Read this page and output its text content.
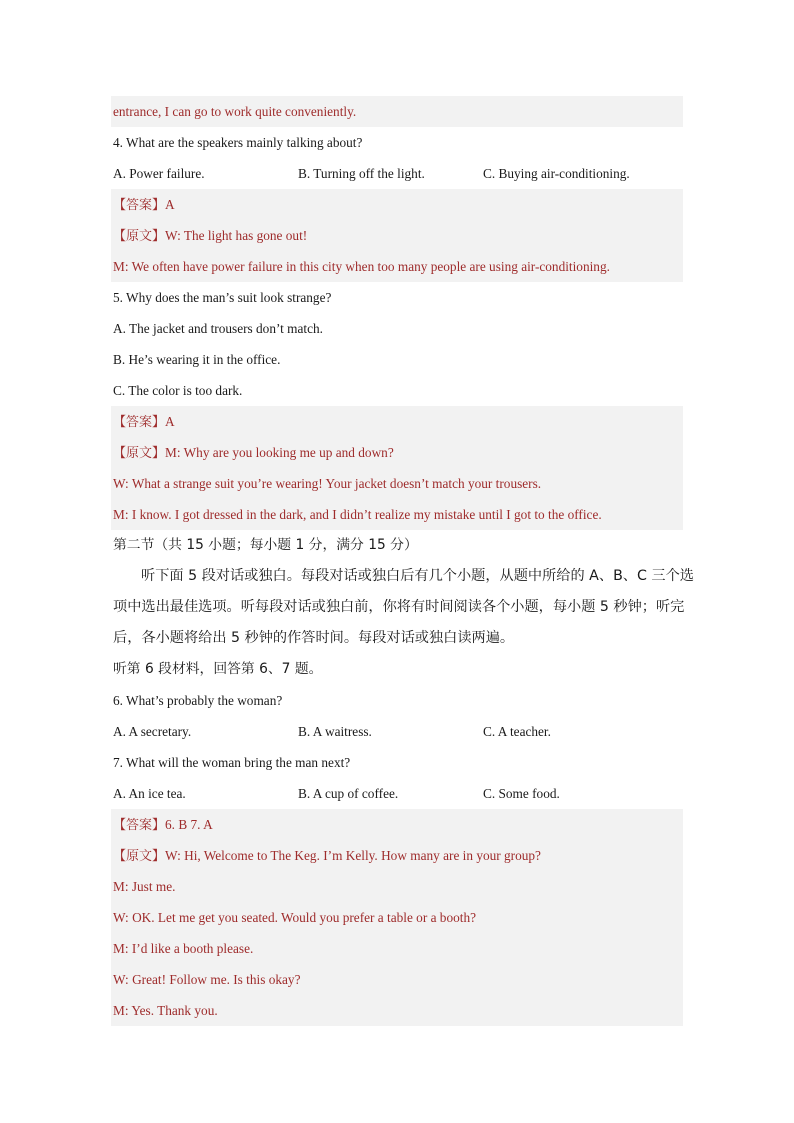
entrance, I can go to work quite conveniently.
4. What are the speakers mainly talking about?
A. Power failure.	B. Turning off the light.	C. Buying air-conditioning.
【答案】A
【原文】W: The light has gone out!
M: We often have power failure in this city when too many people are using air-conditioning.
5. Why does the man’s suit look strange?
A. The jacket and trousers don’t match.
B. He’s wearing it in the office.
C. The color is too dark.
【答案】A
【原文】M: Why are you looking me up and down?
W: What a strange suit you’re wearing! Your jacket doesn’t match your trousers.
M: I know. I got dressed in the dark, and I didn’t realize my mistake until I got to the office.
第二节（共 15 小题；每小题 1 分，满分 15 分）
听下面 5 段对话或独白。每段对话或独白后有几个小题，从题中所给的 A、B、C 三个选
项中选出最佳选项。听每段对话或独白前，你将有时间阅读各个小题，每小题 5 秒钟；听完
后，各小题将给出 5 秒钟的作答时间。每段对话或独白读两遍。
听第 6 段材料，回答第 6、7 题。
6. What’s probably the woman?
A. A secretary.	B. A waitress.	C. A teacher.
7. What will the woman bring the man next?
A. An ice tea.	B. A cup of coffee.	C. Some food.
【答案】6. B 7. A
【原文】W: Hi, Welcome to The Keg. I’m Kelly. How many are in your group?
M: Just me.
W: OK. Let me get you seated. Would you prefer a table or a booth?
M: I’d like a booth please.
W: Great! Follow me. Is this okay?
M: Yes. Thank you.
